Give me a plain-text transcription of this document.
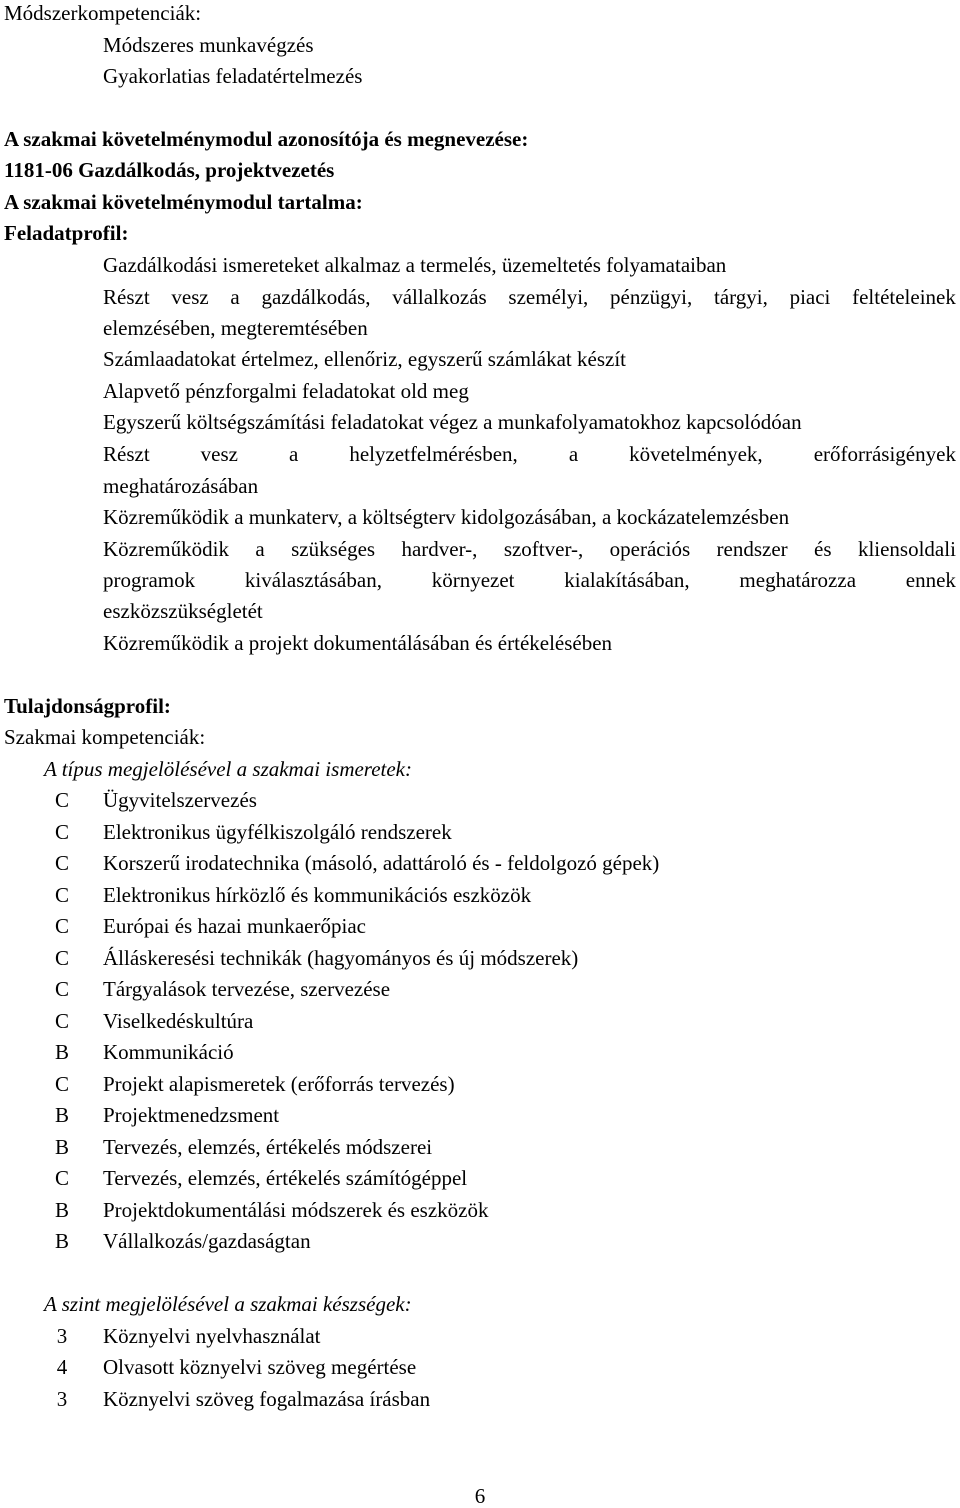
Módszerkompetenciák:
Módszeres munkavégzés
Gyakorlatias feladatértelmezés
A szakmai követelménymodul azonosítója és megnevezése:
1181-06 Gazdálkodás, projektvezetés
A szakmai követelménymodul tartalma:
Feladatprofil:
Gazdálkodási ismereteket alkalmaz a termelés, üzemeltetés folyamataiban
Részt vesz a gazdálkodás, vállalkozás személyi, pénzügyi, tárgyi, piaci feltételeinek
elemzésében, megteremtésében
Számlaadatokat értelmez, ellenőriz, egyszerű számlákat készít
Alapvető pénzforgalmi feladatokat old meg
Egyszerű költségszámítási feladatokat végez a munkafolyamatokhoz kapcsolódóan
Részt vesz a helyzetfelmérésben, a követelmények, erőforrásigények
meghatározásában
Közreműködik a munkaterv, a költségterv kidolgozásában, a kockázatelemzésben
Közreműködik a szükséges hardver-, szoftver-, operációs rendszer és kliensoldali
programok kiválasztásában, környezet kialakításában, meghatározza ennek
eszközszükségletét
Közreműködik a projekt dokumentálásában és értékelésében
Tulajdonságprofil:
Szakmai kompetenciák:
A típus megjelölésével a szakmai ismeretek:
C Ügyvitelszervezés
C Elektronikus ügyfélkiszolgáló rendszerek
C Korszerű irodatechnika (másoló, adattároló és - feldolgozó gépek)
C Elektronikus hírközlő és kommunikációs eszközök
C Európai és hazai munkaerőpiac
C Álláskeresési technikák (hagyományos és új módszerek)
C Tárgyalások tervezése, szervezése
C Viselkedéskultúra
B Kommunikáció
C Projekt alapismeretek (erőforrás tervezés)
B Projektmenedzsment
B Tervezés, elemzés, értékelés módszerei
C Tervezés, elemzés, értékelés számítógéppel
B Projektdokumentálási módszerek és eszközök
B Vállalkozás/gazdaságtan
A szint megjelölésével a szakmai készségek:
3	Köznyelvi nyelvhasználat
4	Olvasott köznyelvi szöveg megértése
3	Köznyelvi szöveg fogalmazása írásban
6
